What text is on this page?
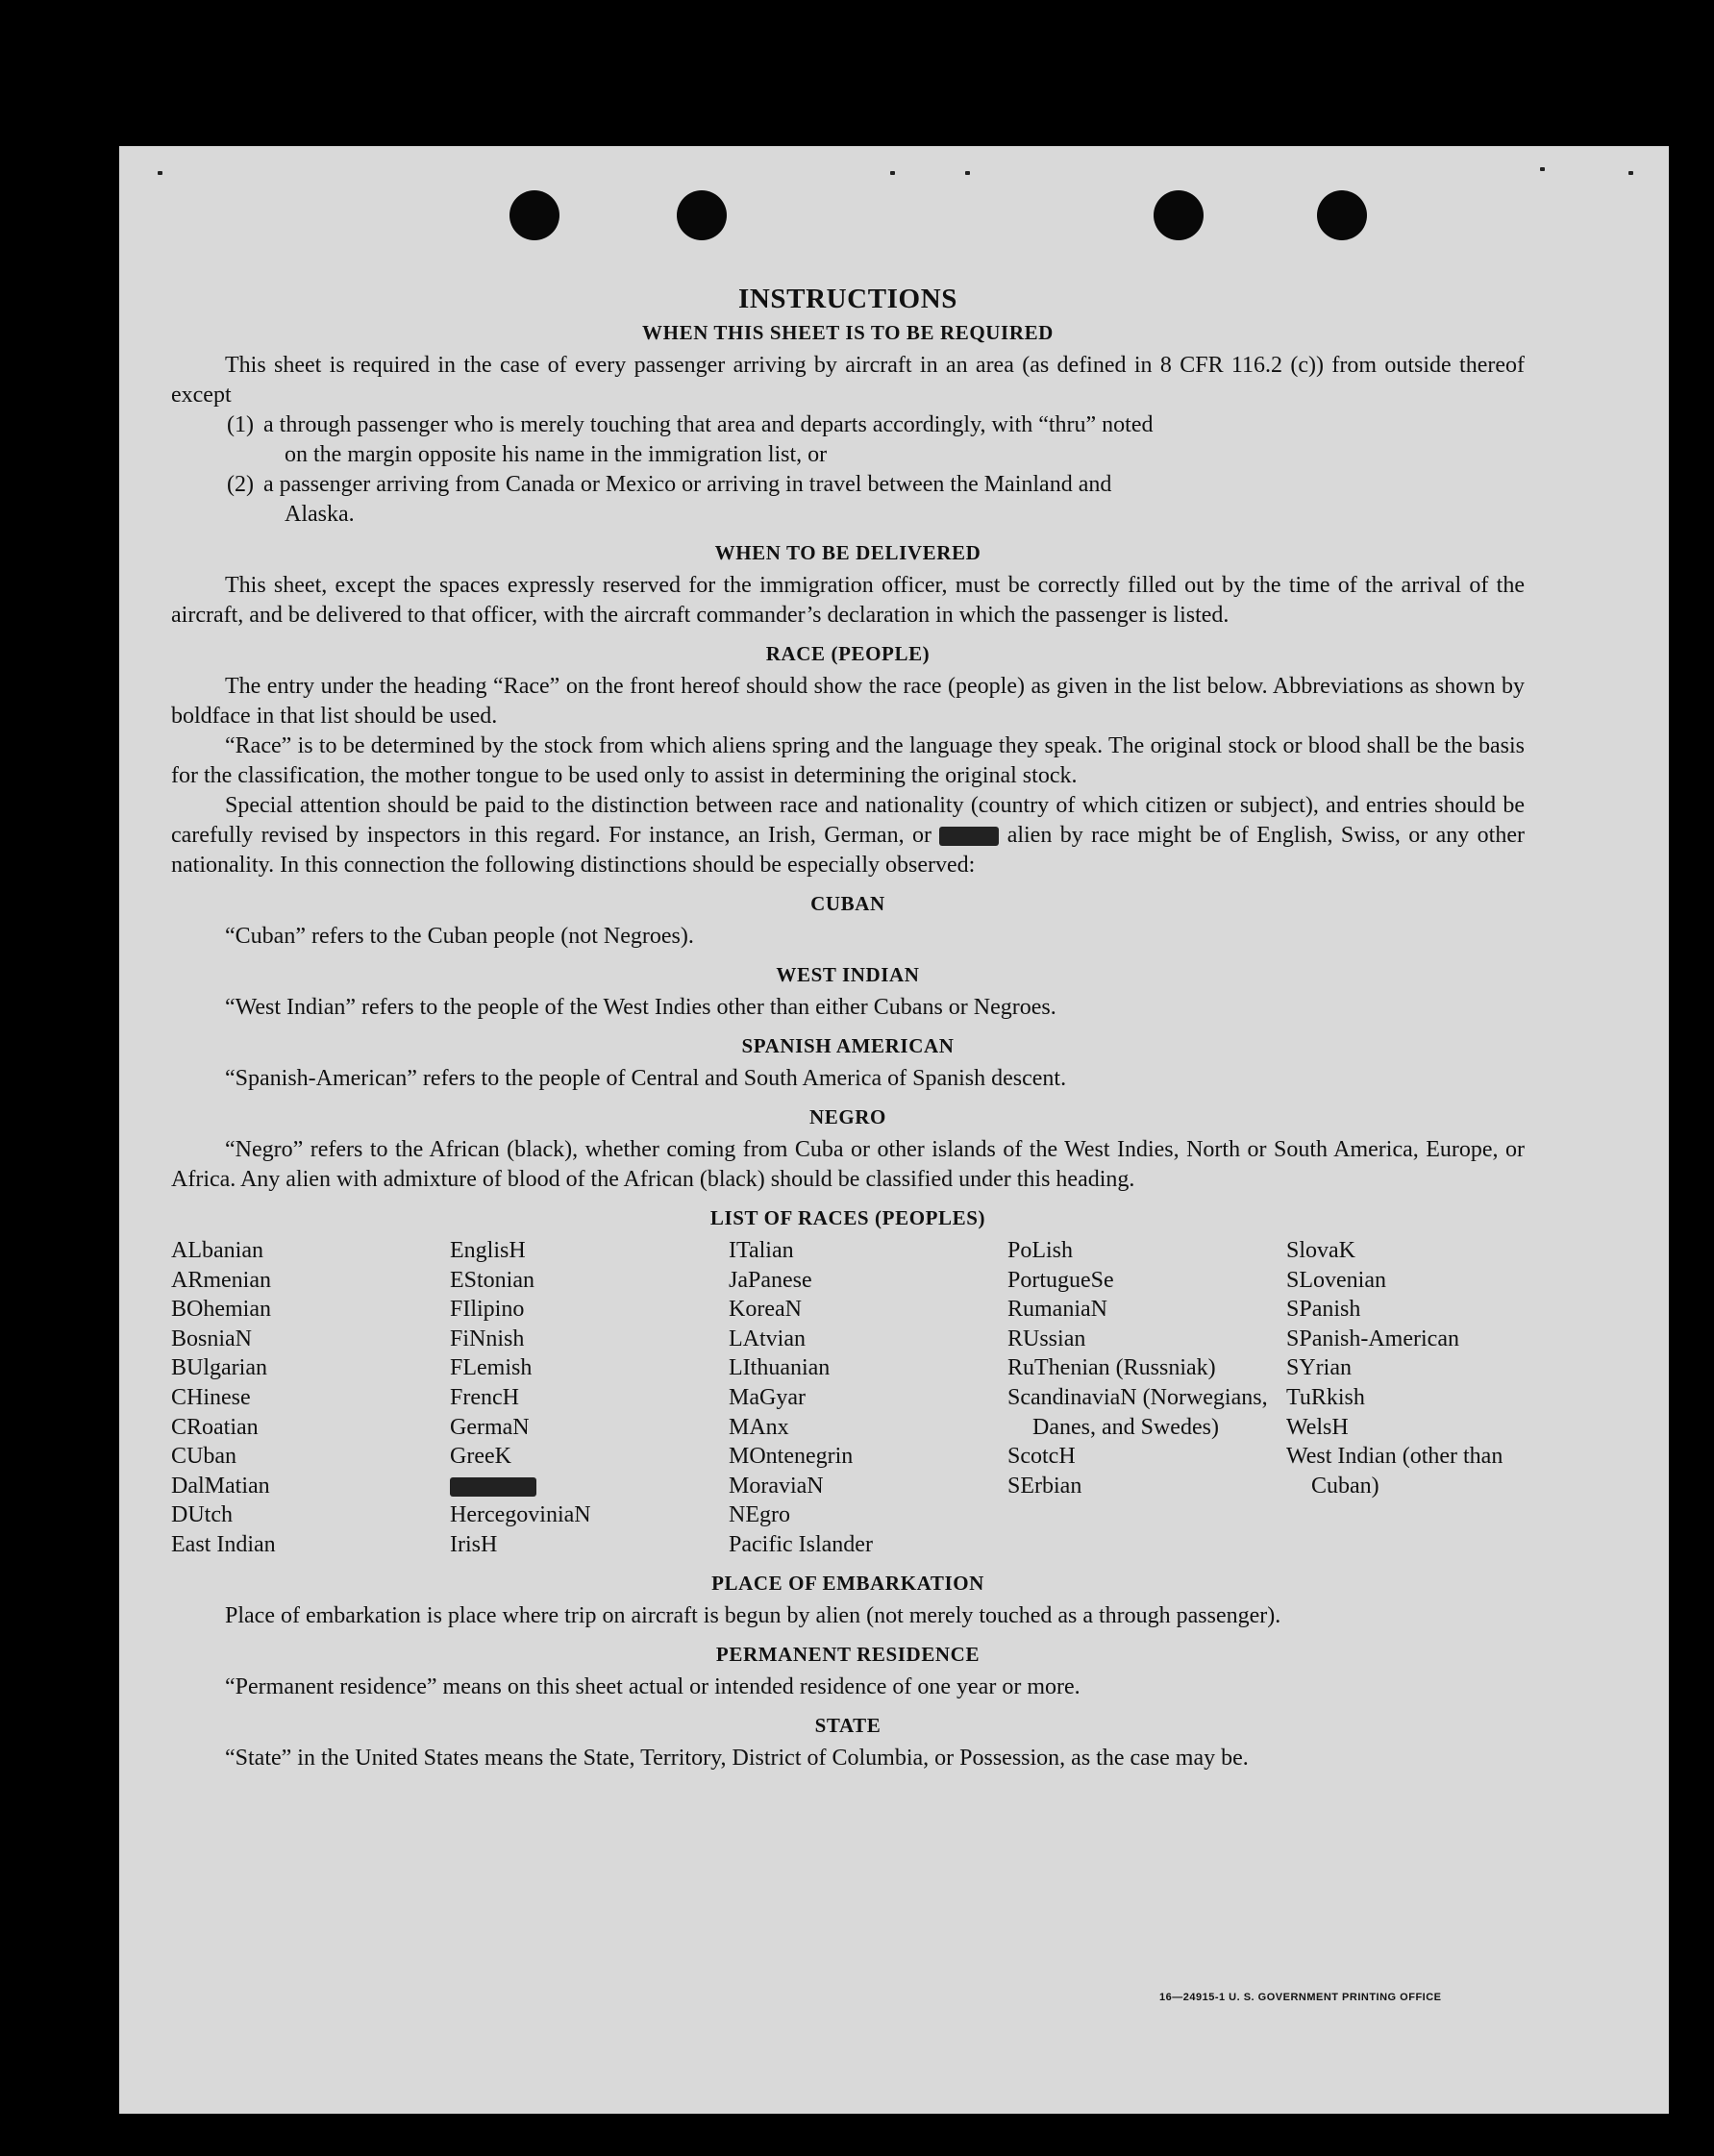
INSTRUCTIONS
WHEN THIS SHEET IS TO BE REQUIRED

This sheet is required in the case of every passenger arriving by aircraft in an area (as defined in 8 CFR 116.2 (c)) from outside thereof except

(1) a through passenger who is merely touching that area and departs accordingly, with “thru” noted
on the margin opposite his name in the immigration list, or
(2) a passenger arriving from Canada or Mexico or arriving in travel between the Mainland and
Alaska.
WHEN TO BE DELIVERED

This sheet, except the spaces expressly reserved for the immigration officer, must be correctly filled out by the time of the arrival of the aircraft, and be delivered to that officer, with the aircraft commander’s declaration in which the passenger is listed.

RACE (PEOPLE)

The entry under the heading “Race” on the front hereof should show the race (people) as given in the list below. Abbreviations as shown by boldface in that list should be used.

“Race” is to be determined by the stock from which aliens spring and the language they speak. The original stock or blood shall be the basis for the classification, the mother tongue to be used only to assist in determining the original stock.

Special attention should be paid to the distinction between race and nationality (country of which citizen or subject), and entries should be carefully revised by inspectors in this regard. For instance, an Irish, German, or	alien by race might be of English, Swiss, or any other nationality. In this connection the following distinctions should be especially observed:

CUBAN

“Cuban” refers to the Cuban people (not Negroes).

WEST INDIAN

“West Indian” refers to the people of the West Indies other than either Cubans or Negroes.

SPANISH AMERICAN

“Spanish-American” refers to the people of Central and South America of Spanish descent.

NEGRO

“Negro” refers to the African (black), whether coming from Cuba or other islands of the West Indies, North or South America, Europe, or Africa. Any alien with admixture of blood of the African (black) should be classified under this heading.

LIST OF RACES (PEOPLES)
ALbanian
ARmenian
BOhemian
BosniaN
BUlgarian
CHinese
CRoatian
CUban
DalMatian
DUtch
East Indian
EnglisH
EStonian
FIlipino
FiNnish
FLemish
FrencH
GermaN
GreeK
HercegoviniaN
IrisH
ITalian
JaPanese
KoreaN
LAtvian
LIthuanian
MaGyar
MAnx
MOntenegrin
MoraviaN
NEgro
Pacific Islander
PoLish
PortugueSe
RumaniaN
RUssian
RuThenian (Russniak)
ScandinaviaN (Norwegians, Danes, and Swedes)
ScotcH
SErbian
SlovaK
SLovenian
SPanish
SPanish-American
SYrian
TuRkish
WelsH
West Indian (other than Cuban)
PLACE OF EMBARKATION

Place of embarkation is place where trip on aircraft is begun by alien (not merely touched as a through passenger).

PERMANENT RESIDENCE

“Permanent residence” means on this sheet actual or intended residence of one year or more.

STATE

“State” in the United States means the State, Territory, District of Columbia, or Possession, as the case may be.

16—24915-1 U. S. GOVERNMENT PRINTING OFFICE
